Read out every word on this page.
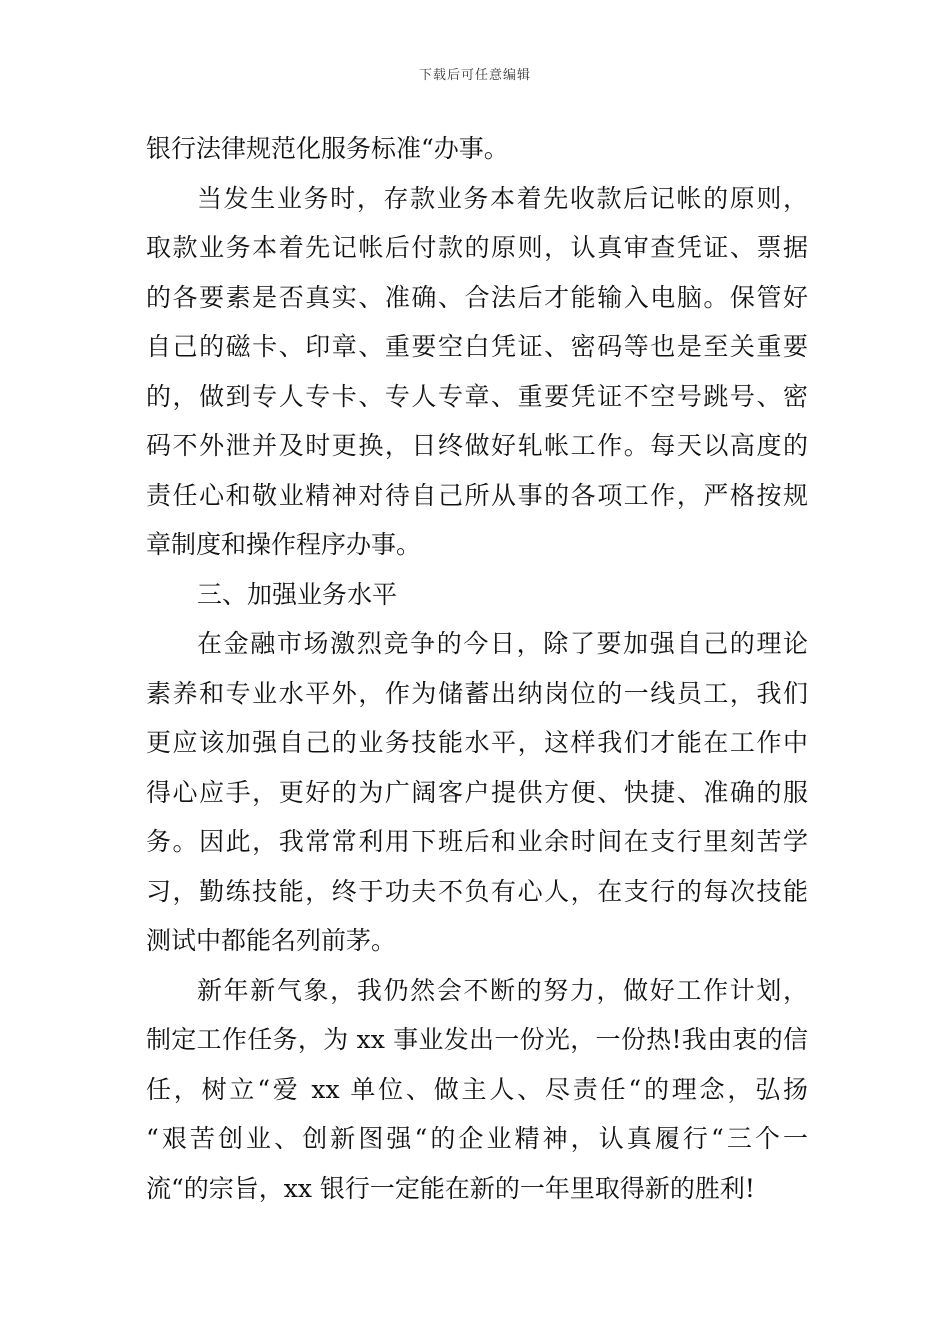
下载后可任意编辑
银行法律规范化服务标准“办事。
当发生业务时，存款业务本着先收款后记帐的原则，
取款业务本着先记帐后付款的原则，认真审查凭证、票据
的各要素是否真实、准确、合法后才能输入电脑。保管好
自己的磁卡、印章、重要空白凭证、密码等也是至关重要
的，做到专人专卡、专人专章、重要凭证不空号跳号、密
码不外泄并及时更换，日终做好轧帐工作。每天以高度的
责任心和敬业精神对待自己所从事的各项工作，严格按规
章制度和操作程序办事。
三、加强业务水平
在金融市场激烈竞争的今日，除了要加强自己的理论
素养和专业水平外，作为储蓄出纳岗位的一线员工，我们
更应该加强自己的业务技能水平，这样我们才能在工作中
得心应手，更好的为广阔客户提供方便、快捷、准确的服
务。因此，我常常利用下班后和业余时间在支行里刻苦学
习，勤练技能，终于功夫不负有心人，在支行的每次技能
测试中都能名列前茅。
新年新气象，我仍然会不断的努力，做好工作计划，
制定工作任务，为 xx 事业发出一份光，一份热!我由衷的信
任，树立“爱 xx 单位、做主人、尽责任“的理念，弘扬
“艰苦创业、创新图强“的企业精神，认真履行“三个一
流“的宗旨，xx 银行一定能在新的一年里取得新的胜利!
